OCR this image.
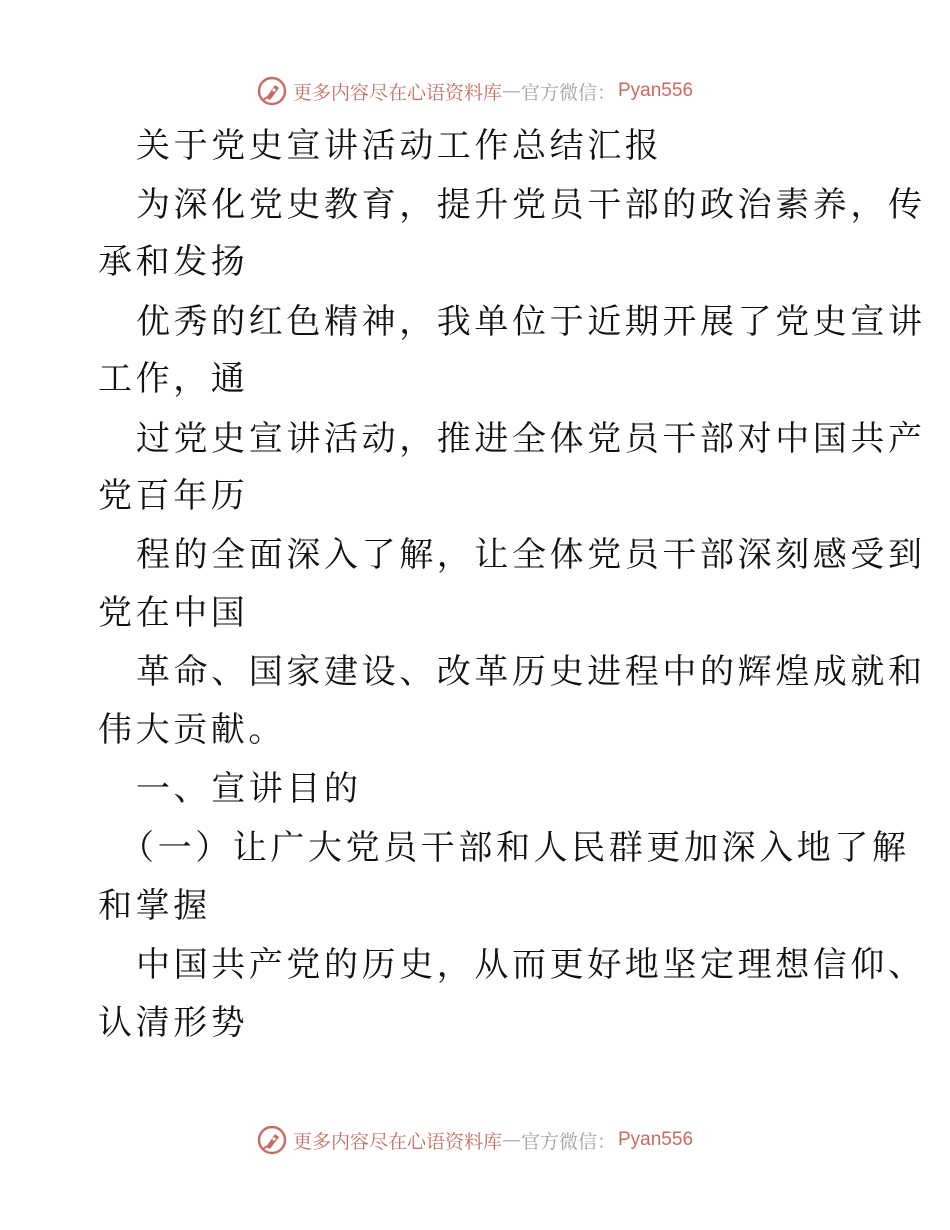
更多内容尽在心语资料库 — 官方微信： Pyan556
关于党史宣讲活动工作总结汇报
为深化党史教育，提升党员干部的政治素养，传
承和发扬
优秀的红色精神，我单位于近期开展了党史宣讲
工作，通
过党史宣讲活动，推进全体党员干部对中国共产
党百年历
程的全面深入了解，让全体党员干部深刻感受到
党在中国
革命、国家建设、改革历史进程中的辉煌成就和
伟大贡献。
一、宣讲目的
（一）让广大党员干部和人民群更加深入地了解
和掌握
中国共产党的历史，从而更好地坚定理想信仰、
认清形势
更多内容尽在心语资料库 — 官方微信： Pyan556
